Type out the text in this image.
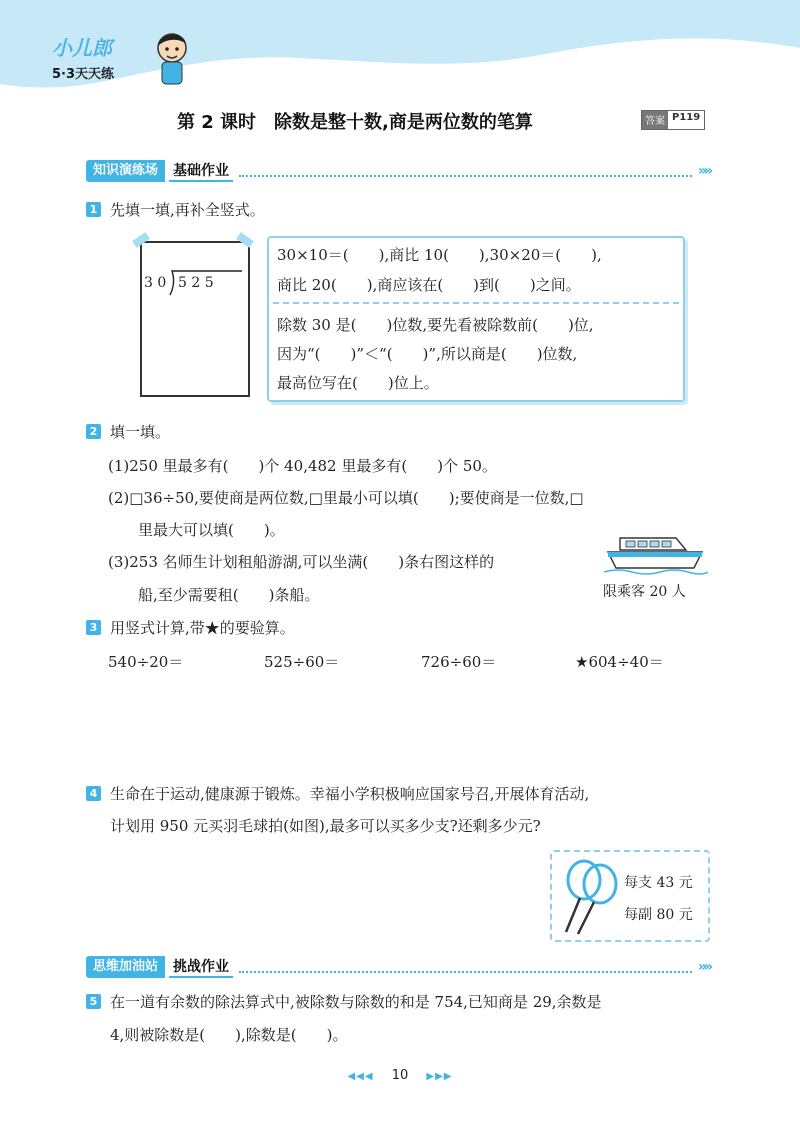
小儿郎
5·3天天练
第 2 课时　除数是整十数,商是两位数的笔算	答案 P119
知识演练场	基础作业	»»
1 先填一填,再补全竖式。
3 0 5 2 5
30×10＝(　　),商比 10(　　),30×20＝(　　),
商比 20(　　),商应该在(　　)到(　　)之间。
除数 30 是(　　)位数,要先看被除数前(　　)位,
因为“(　　)”＜“(　　)”,所以商是(　　)位数,
最高位写在(　　)位上。
2 填一填。
(1)250 里最多有(　　)个 40,482 里最多有(　　)个 50。
(2)□36÷50,要使商是两位数,□里最小可以填(　　);要使商是一位数,□
里最大可以填(　　)。
(3)253 名师生计划租船游湖,可以坐满(　　)条右图这样的
船,至少需要租(　　)条船。	限乘客 20 人
3 用竖式计算,带★的要验算。
540÷20＝	525÷60＝	726÷60＝	★604÷40＝
4 生命在于运动,健康源于锻炼。幸福小学积极响应国家号召,开展体育活动,
计划用 950 元买羽毛球拍(如图),最多可以买多少支?还剩多少元?
每支 43 元
每副 80 元
思维加油站	挑战作业	»»
5 在一道有余数的除法算式中,被除数与除数的和是 754,已知商是 29,余数是
4,则被除数是(　　),除数是(　　)。
◀◀◀ 10 ▶▶▶
